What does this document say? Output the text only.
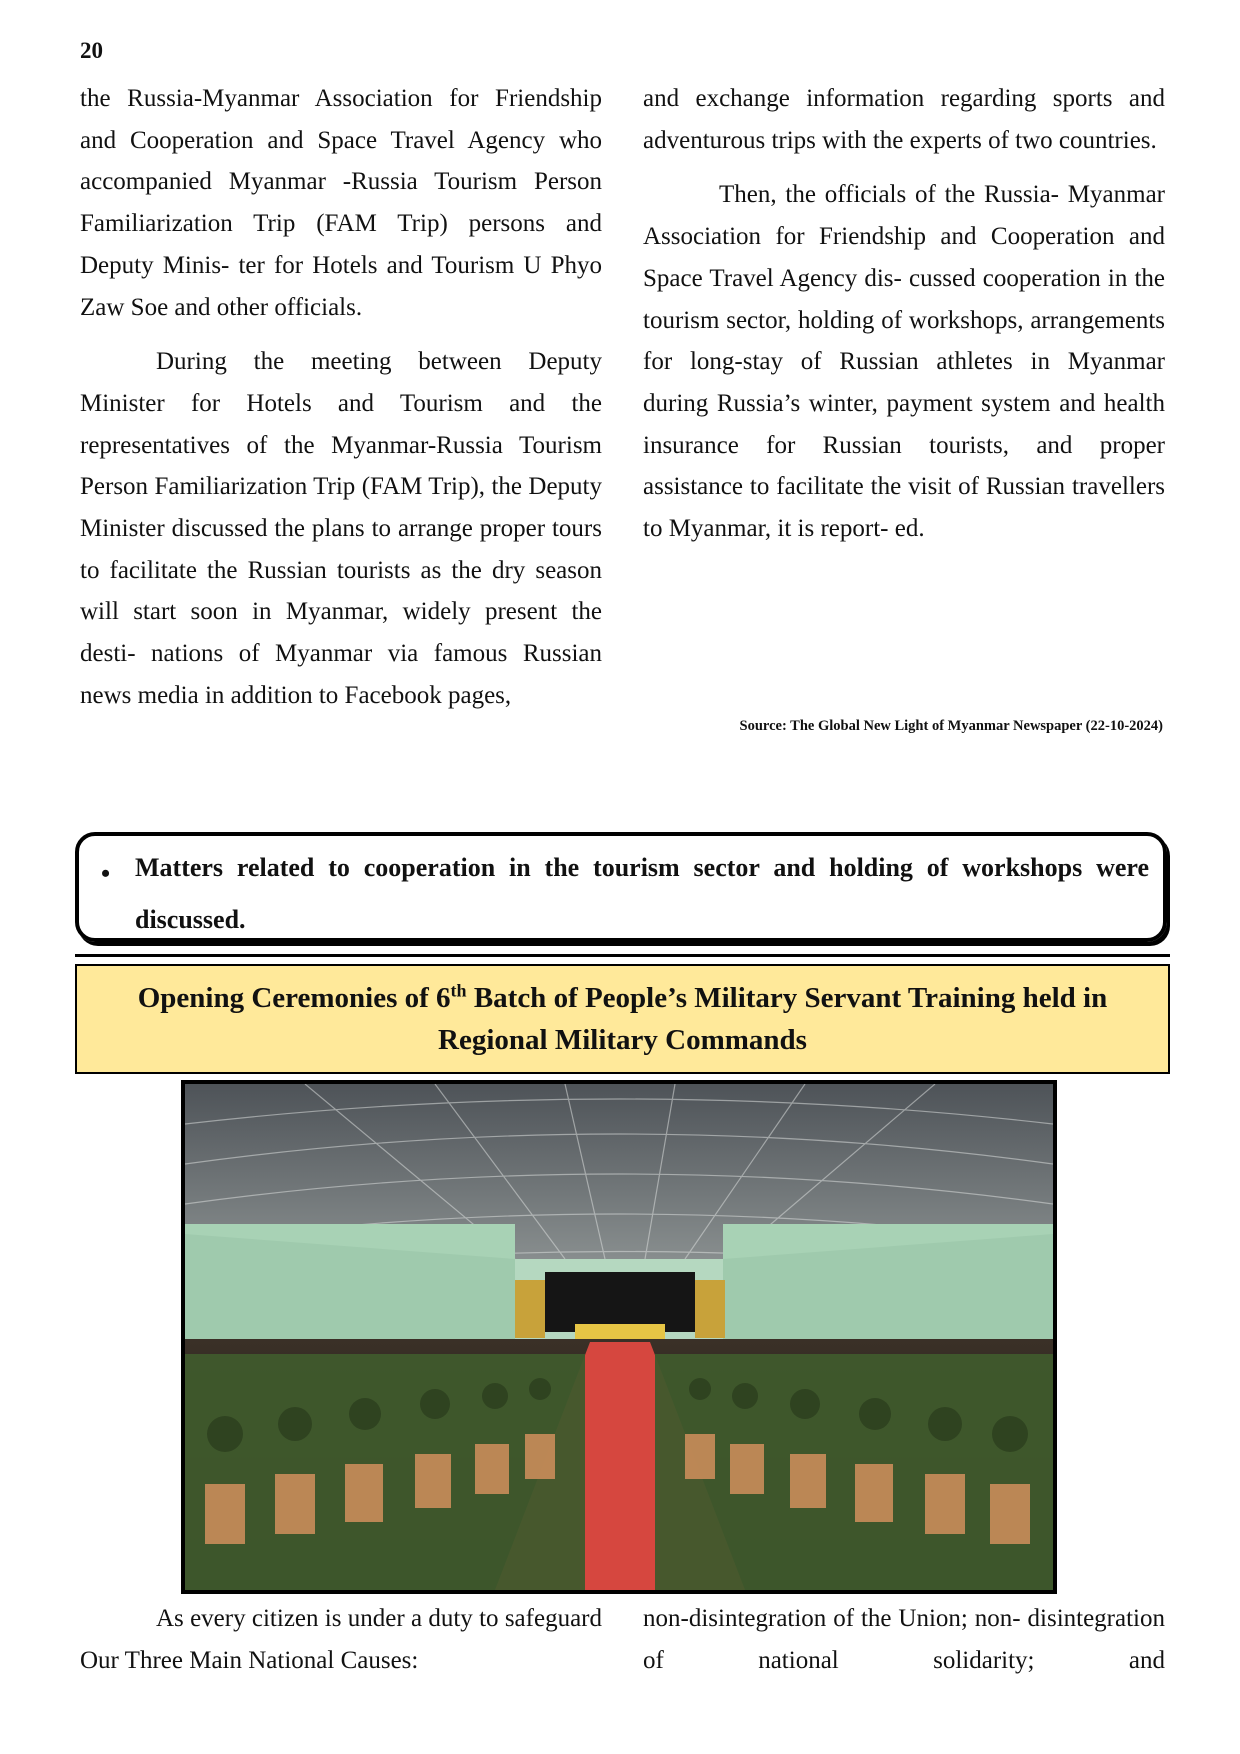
20

the Russia-Myanmar Association for Friendship and Cooperation and Space Travel Agency who accompanied Myanmar -Russia Tourism Person Familiarization Trip (FAM Trip) persons and Deputy Minis- ter for Hotels and Tourism U Phyo Zaw Soe and other officials.

During the meeting between Deputy Minister for Hotels and Tourism and the representatives of the Myanmar-Russia Tourism Person Familiarization Trip (FAM Trip), the Deputy Minister discussed the plans to arrange proper tours to facilitate the Russian tourists as the dry season will start soon in Myanmar, widely present the desti- nations of Myanmar via famous Russian news media in addition to Facebook pages,

and exchange information regarding sports and adventurous trips with the experts of two countries.

Then, the officials of the Russia- Myanmar Association for Friendship and Cooperation and Space Travel Agency dis- cussed cooperation in the tourism sector, holding of workshops, arrangements for long-stay of Russian athletes in Myanmar during Russia’s winter, payment system and health insurance for Russian tourists, and proper assistance to facilitate the visit of Russian travellers to Myanmar, it is report- ed.

Source: The Global New Light of Myanmar Newspaper (22-10-2024)
• Matters related to cooperation in the tourism sector and holding of workshops were discussed.
Opening Ceremonies of 6th Batch of People’s Military Servant Training held in
Regional Military Commands

As every citizen is under a duty to safeguard Our Three Main National Causes:

non-disintegration of the Union; non- disintegration of national solidarity; and
